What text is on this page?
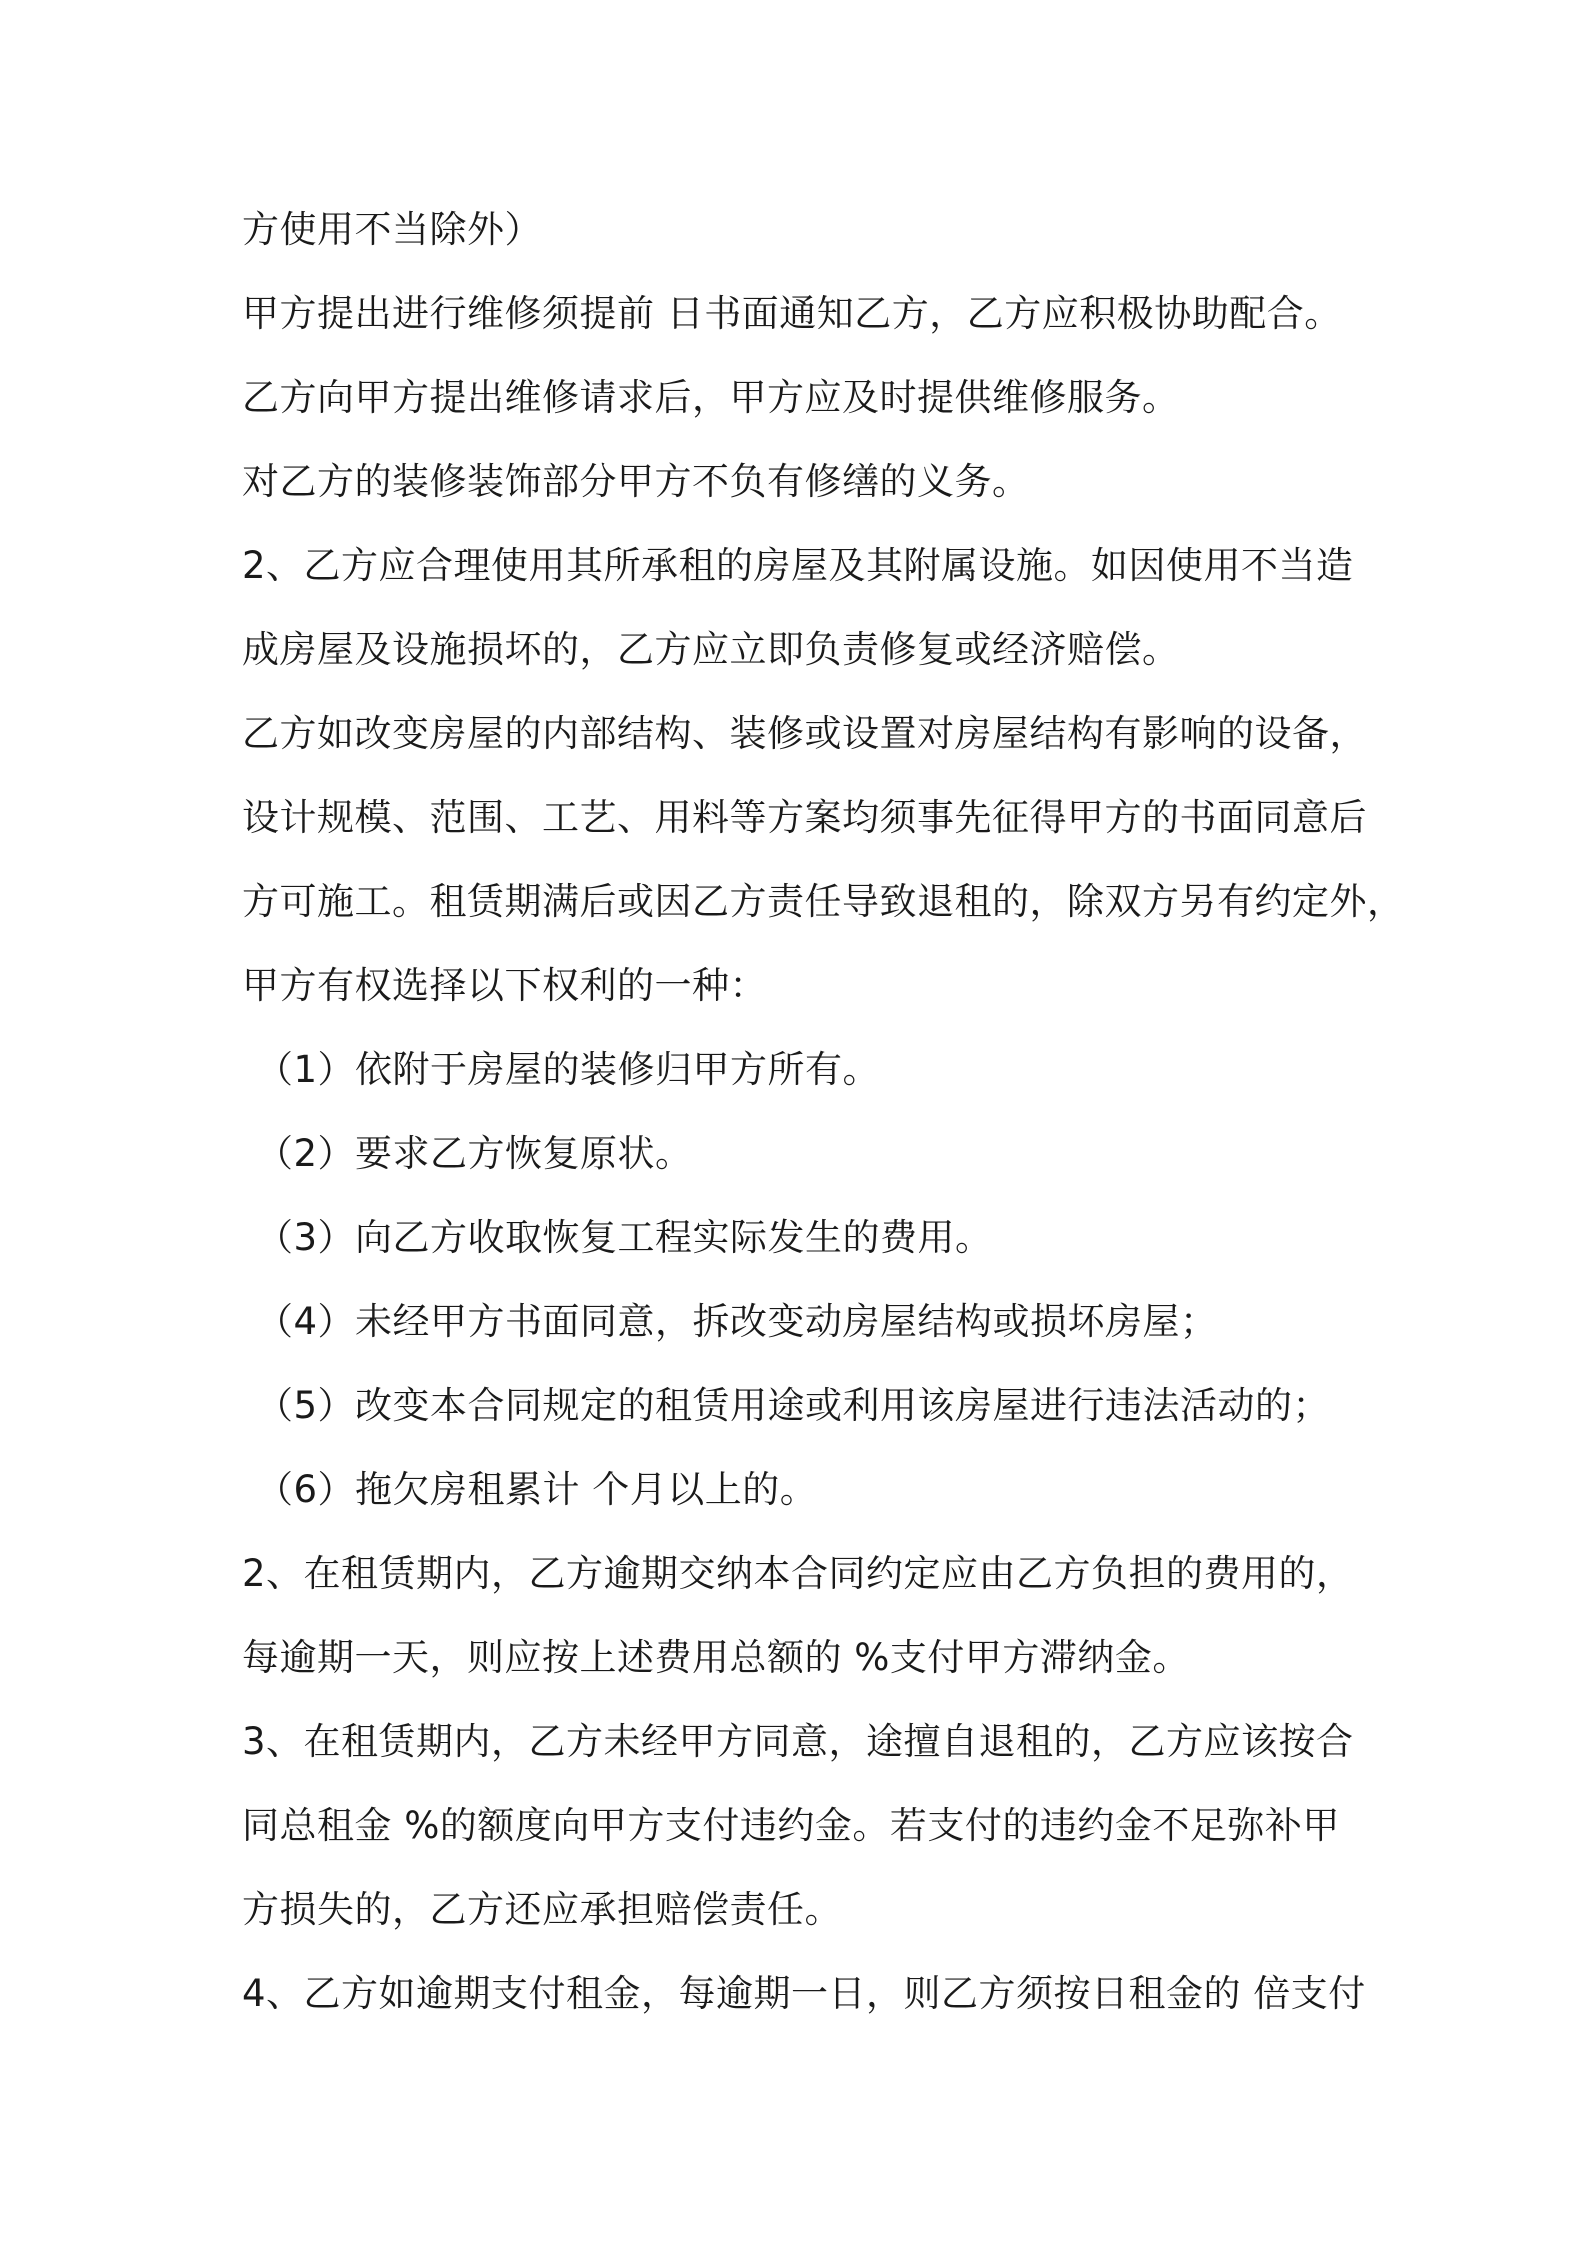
方使用不当除外）
甲方提出进行维修须提前 日书面通知乙方，乙方应积极协助配合。
乙方向甲方提出维修请求后，甲方应及时提供维修服务。
对乙方的装修装饰部分甲方不负有修缮的义务。
2、乙方应合理使用其所承租的房屋及其附属设施。如因使用不当造
成房屋及设施损坏的，乙方应立即负责修复或经济赔偿。
乙方如改变房屋的内部结构、装修或设置对房屋结构有影响的设备，
设计规模、范围、工艺、用料等方案均须事先征得甲方的书面同意后
方可施工。租赁期满后或因乙方责任导致退租的，除双方另有约定外，
甲方有权选择以下权利的一种：
（1）依附于房屋的装修归甲方所有。
（2）要求乙方恢复原状。
（3）向乙方收取恢复工程实际发生的费用。
（4）未经甲方书面同意，拆改变动房屋结构或损坏房屋；
（5）改变本合同规定的租赁用途或利用该房屋进行违法活动的；
（6）拖欠房租累计 个月以上的。
2、在租赁期内，乙方逾期交纳本合同约定应由乙方负担的费用的，
每逾期一天，则应按上述费用总额的 %支付甲方滞纳金。
3、在租赁期内，乙方未经甲方同意，途擅自退租的，乙方应该按合
同总租金 %的额度向甲方支付违约金。若支付的违约金不足弥补甲
方损失的，乙方还应承担赔偿责任。
4、乙方如逾期支付租金，每逾期一日，则乙方须按日租金的 倍支付
